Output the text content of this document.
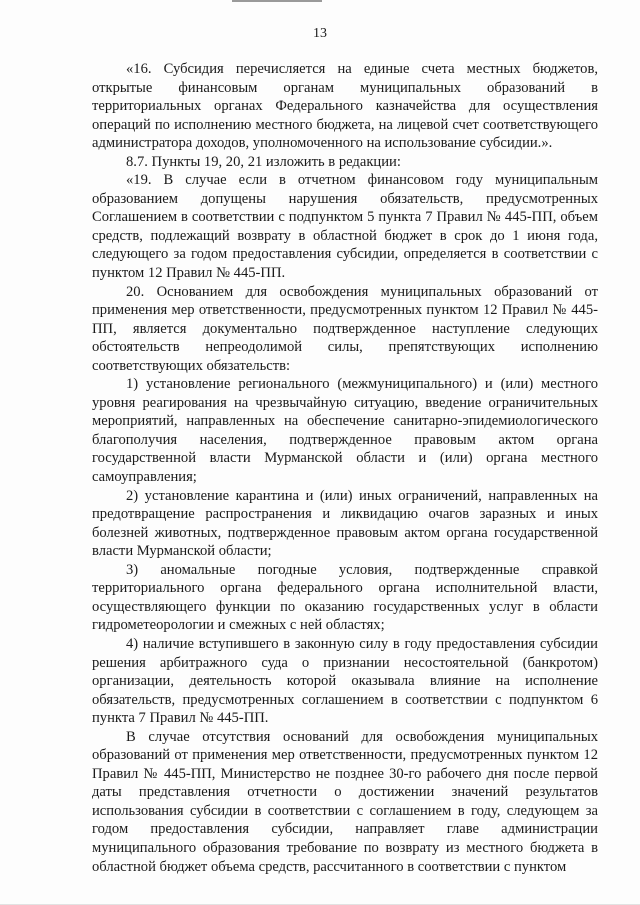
13

«16. Субсидия перечисляется на единые счета местных бюджетов, открытые финансовым органам муниципальных образований в территориальных органах Федерального казначейства для осуществления операций по исполнению местного бюджета, на лицевой счет соответствующего администратора доходов, уполномоченного на использование субсидии.».

8.7. Пункты 19, 20, 21 изложить в редакции:

«19. В случае если в отчетном финансовом году муниципальным образованием допущены нарушения обязательств, предусмотренных Соглашением в соответствии с подпунктом 5 пункта 7 Правил № 445-ПП, объем средств, подлежащий возврату в областной бюджет в срок до 1 июня года, следующего за годом предоставления субсидии, определяется в соответствии с пунктом 12 Правил № 445-ПП.

20. Основанием для освобождения муниципальных образований от применения мер ответственности, предусмотренных пунктом 12 Правил № 445-ПП, является документально подтвержденное наступление следующих обстоятельств непреодолимой силы, препятствующих исполнению соответствующих обязательств:

1) установление регионального (межмуниципального) и (или) местного уровня реагирования на чрезвычайную ситуацию, введение ограничительных мероприятий, направленных на обеспечение санитарно-эпидемиологического благополучия населения, подтвержденное правовым актом органа государственной власти Мурманской области и (или) органа местного самоуправления;

2) установление карантина и (или) иных ограничений, направленных на предотвращение распространения и ликвидацию очагов заразных и иных болезней животных, подтвержденное правовым актом органа государственной власти Мурманской области;

3) аномальные погодные условия, подтвержденные справкой территориального органа федерального органа исполнительной власти, осуществляющего функции по оказанию государственных услуг в области гидрометеорологии и смежных с ней областях;

4) наличие вступившего в законную силу в году предоставления субсидии решения арбитражного суда о признании несостоятельной (банкротом) организации, деятельность которой оказывала влияние на исполнение обязательств, предусмотренных соглашением в соответствии с подпунктом 6 пункта 7 Правил № 445-ПП.

В случае отсутствия оснований для освобождения муниципальных образований от применения мер ответственности, предусмотренных пунктом 12 Правил № 445-ПП, Министерство не позднее 30-го рабочего дня после первой даты представления отчетности о достижении значений результатов использования субсидии в соответствии с соглашением в году, следующем за годом предоставления субсидии, направляет главе администрации муниципального образования требование по возврату из местного бюджета в областной бюджет объема средств, рассчитанного в соответствии с пунктом
